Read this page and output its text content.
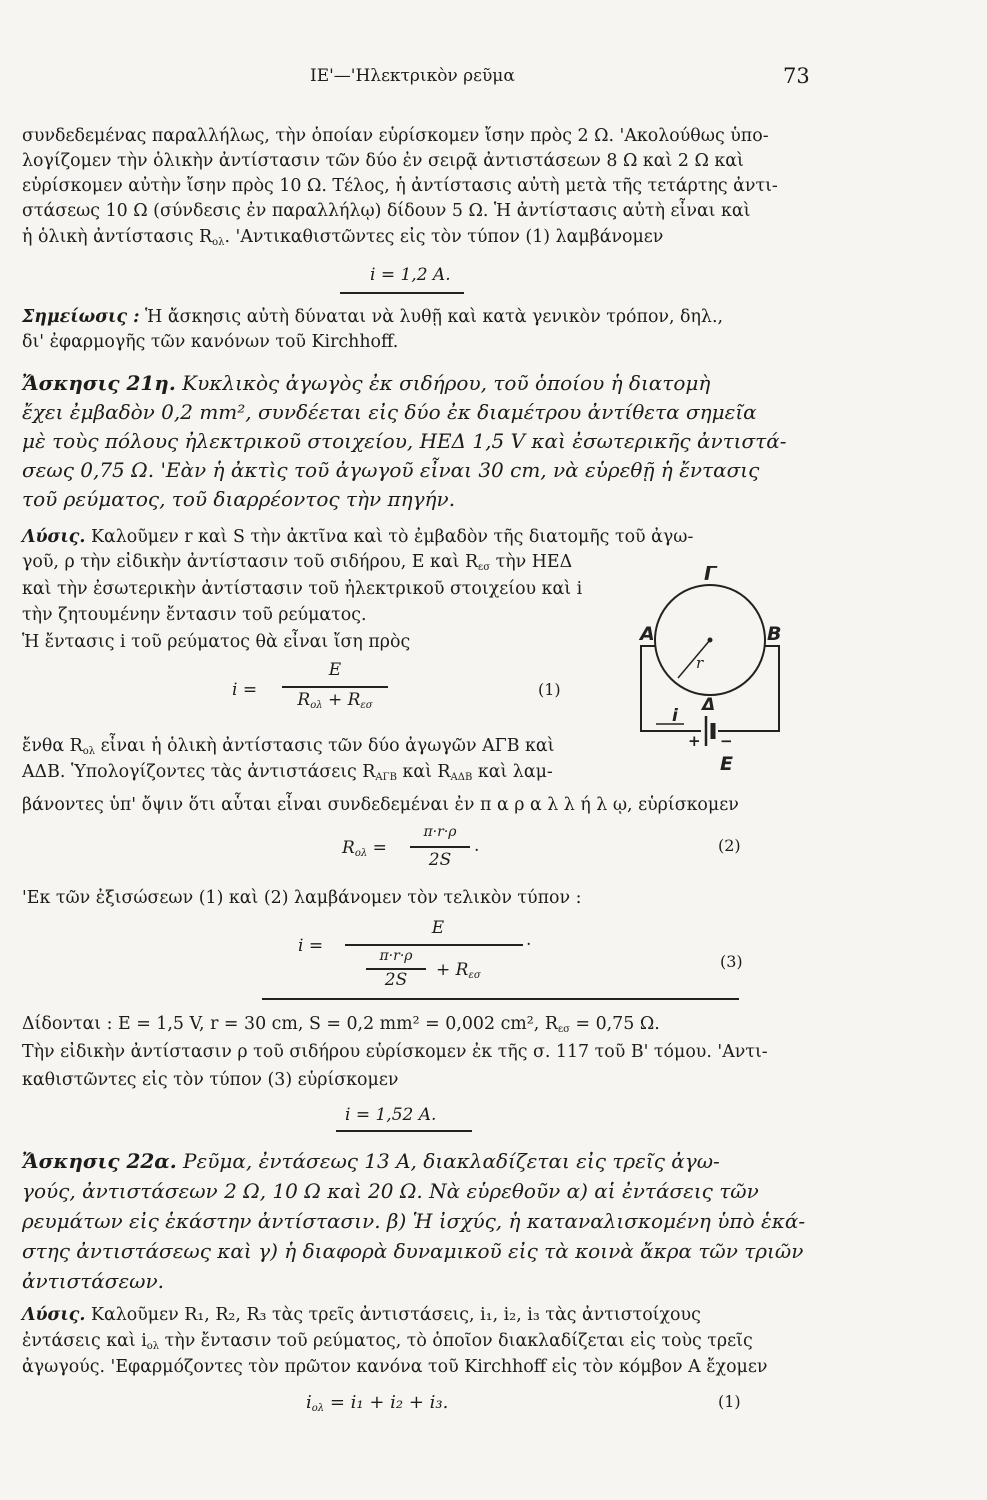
ΙΕ'—'Ηλεκτρικὸν ρεῦμα	73
συνδεδεμένας παραλλήλως, τὴν ὁποίαν εὑρίσκομεν ἴσην πρὸς 2 Ω. 'Ακολούθως ὑπο-
λογίζομεν τὴν ὁλικὴν ἀντίστασιν τῶν δύο ἐν σειρᾷ ἀντιστάσεων 8 Ω καὶ 2 Ω καὶ
εὑρίσκομεν αὐτὴν ἴσην πρὸς 10 Ω. Τέλος, ἡ ἀντίστασις αὐτὴ μετὰ τῆς τετάρτης ἀντι-
στάσεως 10 Ω (σύνδεσις ἐν παραλλήλῳ) δίδουν 5 Ω. Ἡ ἀντίστασις αὐτὴ εἶναι καὶ
ἡ ὁλικὴ ἀντίστασις $R_{o\lambda}$. 'Αντικαθιστῶντες εἰς τὸν τύπον (1) λαμβάνομεν
i = 1,2 A.
Σημείωσις : Ἡ ἄσκησις αὐτὴ δύναται νὰ λυθῇ καὶ κατὰ γενικὸν τρόπον, δηλ.,
δι' ἐφαρμογῆς τῶν κανόνων τοῦ Kirchhoff.
Ἄσκησις 21η. Κυκλικὸς ἀγωγὸς ἐκ σιδήρου, τοῦ ὁποίου ἡ διατομὴ
ἔχει ἐμβαδὸν 0,2 mm², συνδέεται εἰς δύο ἐκ διαμέτρου ἀντίθετα σημεῖα
μὲ τοὺς πόλους ἠλεκτρικοῦ στοιχείου, ΗΕΔ 1,5 V καὶ ἐσωτερικῆς ἀντιστά-
σεως 0,75 Ω. 'Εὰν ἡ ἀκτὶς τοῦ ἀγωγοῦ εἶναι 30 cm, νὰ εὑρεθῇ ἡ ἔντασις
τοῦ ρεύματος, τοῦ διαρρέοντος τὴν πηγήν.
Λύσις. Καλοῦμεν r καὶ S τὴν ἀκτῖνα καὶ τὸ ἐμβαδὸν τῆς διατομῆς τοῦ ἀγω-
γοῦ, ρ τὴν εἰδικὴν ἀντίστασιν τοῦ σιδήρου, E καὶ $R_{\varepsilon\sigma}$ τὴν ΗΕΔ
καὶ τὴν ἐσωτερικὴν ἀντίστασιν τοῦ ἠλεκτρικοῦ στοιχείου καὶ i
τὴν ζητουμένην ἔντασιν τοῦ ρεύματος.
Ἡ ἔντασις i τοῦ ρεύματος θὰ εἶναι ἴση πρὸς
i =
E
$R_{o\lambda} + R_{\varepsilon\sigma}$
(1)
ἔνθα $R_{o\lambda}$ εἶναι ἡ ὁλικὴ ἀντίστασις τῶν δύο ἀγωγῶν ΑΓΒ καὶ
ΑΔΒ. Ὑπολογίζοντες τὰς ἀντιστάσεις $R_{A\Gamma B}$ καὶ $R_{A\Delta B}$ καὶ λαμ-
βάνοντες ὑπ' ὄψιν ὅτι αὗται εἶναι συνδεδεμέναι ἐν π α ρ α λ λ ή λ ῳ, εὑρίσκομεν
$R_{o\lambda}$ =
π·r·ρ
2S
.	(2)
'Εκ τῶν ἐξισώσεων (1) καὶ (2) λαμβάνομεν τὸν τελικὸν τύπον :
i =
E
π·r·ρ
2S	+ $R_{\varepsilon\sigma}$
.
(3)
Δίδονται : E = 1,5 V, r = 30 cm, S = 0,2 mm² = 0,002 cm², $R_{\varepsilon\sigma} = 0,75$ Ω.
Τὴν εἰδικὴν ἀντίστασιν ρ τοῦ σιδήρου εὑρίσκομεν ἐκ τῆς σ. 117 τοῦ Β' τόμου. 'Αντι-
καθιστῶντες εἰς τὸν τύπον (3) εὑρίσκομεν
i = 1,52 A.
Γ
A	B
r
Δ
i
+ −
E
Ἄσκησις 22α. Ρεῦμα, ἐντάσεως 13 A, διακλαδίζεται εἰς τρεῖς ἀγω-
γούς, ἀντιστάσεων 2 Ω, 10 Ω καὶ 20 Ω. Νὰ εὑρεθοῦν α) αἱ ἐντάσεις τῶν
ρευμάτων εἰς ἑκάστην ἀντίστασιν. β) Ἡ ἰσχύς, ἡ καταναλισκομένη ὑπὸ ἑκά-
στης ἀντιστάσεως καὶ γ) ἡ διαφορὰ δυναμικοῦ εἰς τὰ κοινὰ ἄκρα τῶν τριῶν
ἀντιστάσεων.
Λύσις. Καλοῦμεν R₁, R₂, R₃ τὰς τρεῖς ἀντιστάσεις, i₁, i₂, i₃ τὰς ἀντιστοίχους
ἐντάσεις καὶ $i_{o\lambda}$ τὴν ἔντασιν τοῦ ρεύματος, τὸ ὁποῖον διακλαδίζεται εἰς τοὺς τρεῖς
ἀγωγούς. 'Εφαρμόζοντες τὸν πρῶτον κανόνα τοῦ Kirchhoff εἰς τὸν κόμβον A ἔχομεν
$i_{o\lambda} = i_1 + i_2 + i_3$.	(1)
